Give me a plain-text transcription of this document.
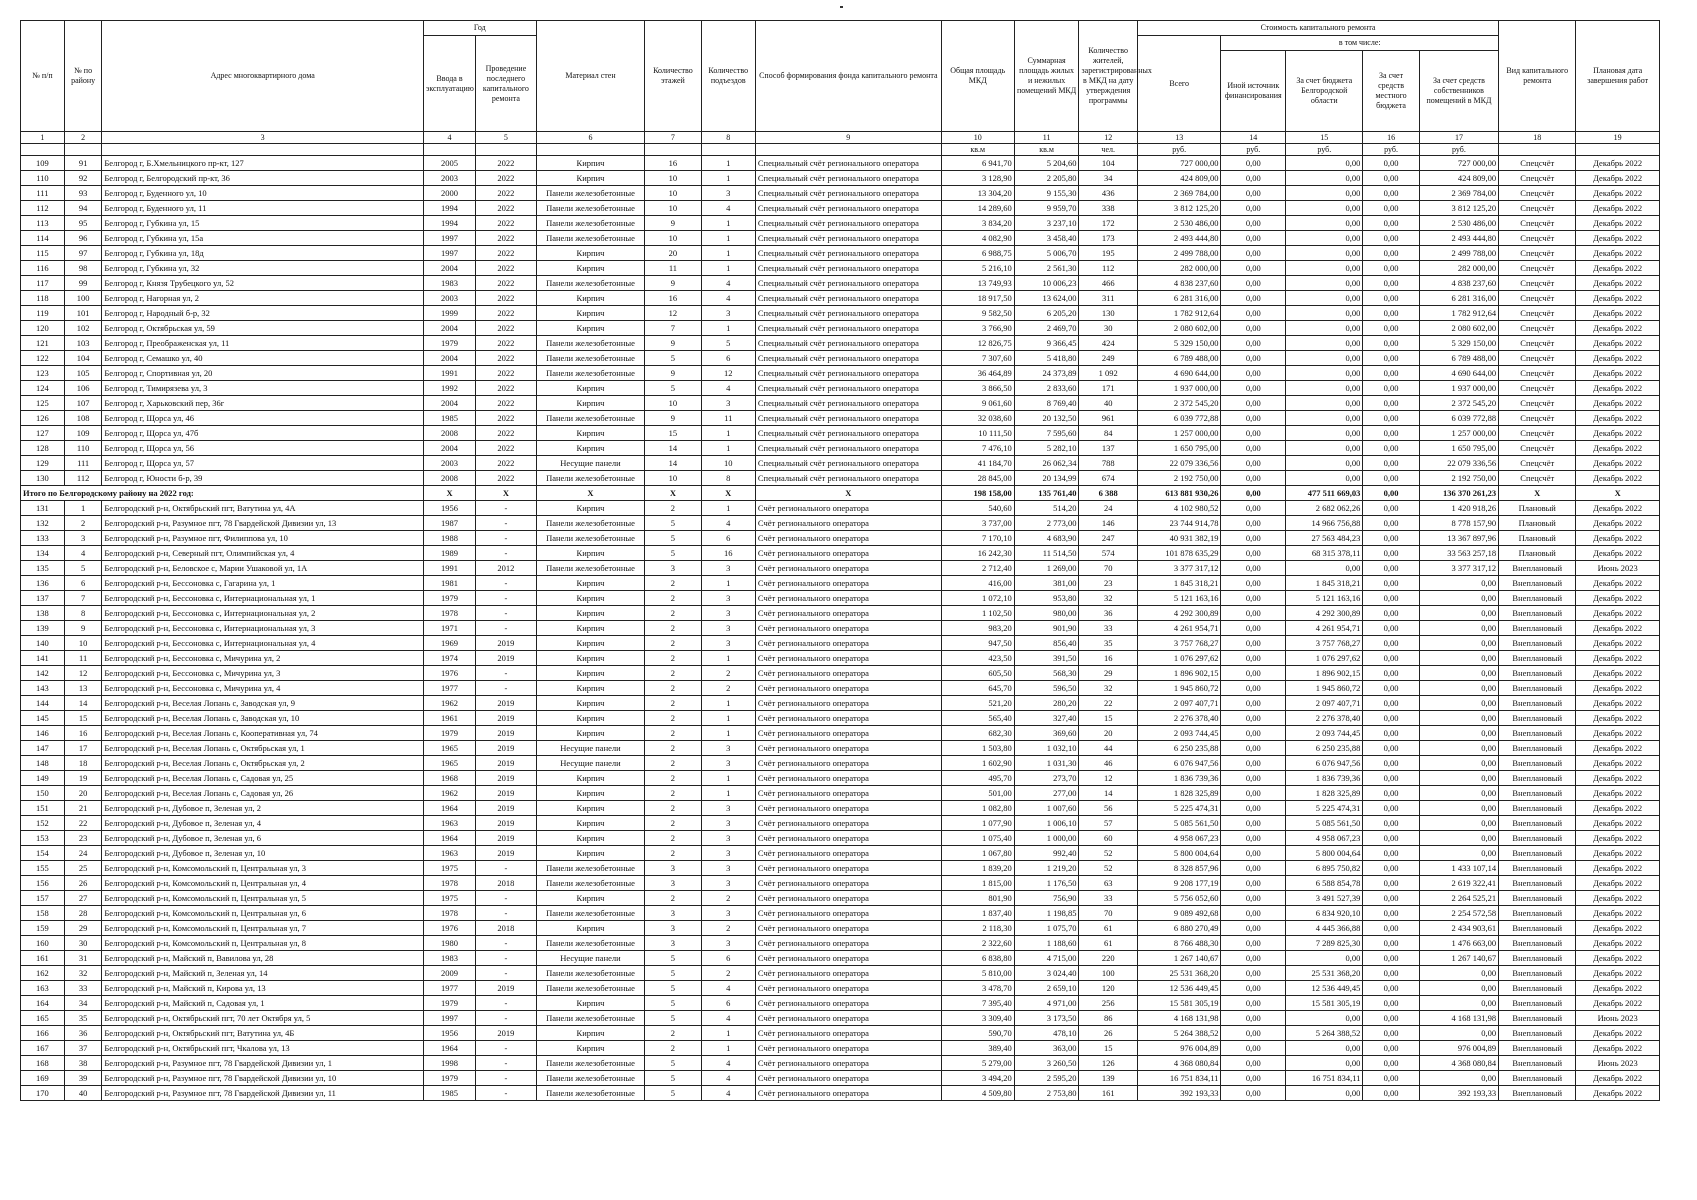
№ п/п	№ по району	Адрес многоквартирного дома	Год		Материал стен	Количество этажей	Количество подъездов	Способ формирования фонда капитального ремонта	Общая площадь МКД	Суммарная площадь жилых и нежилых помещений МКД	Количество жителей, зарегистрированных в МКД на дату утверждения программы	Стоимость капитального ремонта					Вид капитального ремонта	Плановая дата завершения работ
			Ввода в эксплуатацию	Проведение последнего капитального ремонта								Всего	в том числе:					
													Иной источник финансирования	За счет бюджета Белгородской области	За счет средств местного бюджета	За счет средств собственников помещений в МКД		
1	2	3	4	5	6	7	8	9	10	11	12	13	14	15	16	17	18	19
									кв.м	кв.м	чел.	руб.	руб.	руб.	руб.	руб.		
109	91	Белгород г, Б.Хмельницкого пр-кт, 127	2005	2022	Кирпич	16	1	Специальный счёт регионального оператора	6 941,70	5 204,60	104	727 000,00	0,00	0,00	0,00	727 000,00	Спецсчёт	Декабрь 2022
110	92	Белгород г, Белгородский пр-кт, 36	2003	2022	Кирпич	10	1	Специальный счёт регионального оператора	3 128,90	2 205,80	34	424 809,00	0,00	0,00	0,00	424 809,00	Спецсчёт	Декабрь 2022
111	93	Белгород г, Буденного ул, 10	2000	2022	Панели железобетонные	10	3	Специальный счёт регионального оператора	13 304,20	9 155,30	436	2 369 784,00	0,00	0,00	0,00	2 369 784,00	Спецсчёт	Декабрь 2022
112	94	Белгород г, Буденного ул, 11	1994	2022	Панели железобетонные	10	4	Специальный счёт регионального оператора	14 289,60	9 959,70	338	3 812 125,20	0,00	0,00	0,00	3 812 125,20	Спецсчёт	Декабрь 2022
113	95	Белгород г, Губкина ул, 15	1994	2022	Панели железобетонные	9	1	Специальный счёт регионального оператора	3 834,20	3 237,10	172	2 530 486,00	0,00	0,00	0,00	2 530 486,00	Спецсчёт	Декабрь 2022
114	96	Белгород г, Губкина ул, 15а	1997	2022	Панели железобетонные	10	1	Специальный счёт регионального оператора	4 082,90	3 458,40	173	2 493 444,80	0,00	0,00	0,00	2 493 444,80	Спецсчёт	Декабрь 2022
115	97	Белгород г, Губкина ул, 18д	1997	2022	Кирпич	20	1	Специальный счёт регионального оператора	6 988,75	5 006,70	195	2 499 788,00	0,00	0,00	0,00	2 499 788,00	Спецсчёт	Декабрь 2022
116	98	Белгород г, Губкина ул, 32	2004	2022	Кирпич	11	1	Специальный счёт регионального оператора	5 216,10	2 561,30	112	282 000,00	0,00	0,00	0,00	282 000,00	Спецсчёт	Декабрь 2022
117	99	Белгород г, Князя Трубецкого ул, 52	1983	2022	Панели железобетонные	9	4	Специальный счёт регионального оператора	13 749,93	10 006,23	466	4 838 237,60	0,00	0,00	0,00	4 838 237,60	Спецсчёт	Декабрь 2022
118	100	Белгород г, Нагорная ул, 2	2003	2022	Кирпич	16	4	Специальный счёт регионального оператора	18 917,50	13 624,00	311	6 281 316,00	0,00	0,00	0,00	6 281 316,00	Спецсчёт	Декабрь 2022
119	101	Белгород г, Народный б-р, 32	1999	2022	Кирпич	12	3	Специальный счёт регионального оператора	9 582,50	6 205,20	130	1 782 912,64	0,00	0,00	0,00	1 782 912,64	Спецсчёт	Декабрь 2022
120	102	Белгород г, Октябрьская ул, 59	2004	2022	Кирпич	7	1	Специальный счёт регионального оператора	3 766,90	2 469,70	30	2 080 602,00	0,00	0,00	0,00	2 080 602,00	Спецсчёт	Декабрь 2022
121	103	Белгород г, Преображенская ул, 11	1979	2022	Панели железобетонные	9	5	Специальный счёт регионального оператора	12 826,75	9 366,45	424	5 329 150,00	0,00	0,00	0,00	5 329 150,00	Спецсчёт	Декабрь 2022
122	104	Белгород г, Семашко ул, 40	2004	2022	Панели железобетонные	5	6	Специальный счёт регионального оператора	7 307,60	5 418,80	249	6 789 488,00	0,00	0,00	0,00	6 789 488,00	Спецсчёт	Декабрь 2022
123	105	Белгород г, Спортивная ул, 20	1991	2022	Панели железобетонные	9	12	Специальный счёт регионального оператора	36 464,89	24 373,89	1 092	4 690 644,00	0,00	0,00	0,00	4 690 644,00	Спецсчёт	Декабрь 2022
124	106	Белгород г, Тимирязева ул, 3	1992	2022	Кирпич	5	4	Специальный счёт регионального оператора	3 866,50	2 833,60	171	1 937 000,00	0,00	0,00	0,00	1 937 000,00	Спецсчёт	Декабрь 2022
125	107	Белгород г, Харьковский пер, 36г	2004	2022	Кирпич	10	3	Специальный счёт регионального оператора	9 061,60	8 769,40	40	2 372 545,20	0,00	0,00	0,00	2 372 545,20	Спецсчёт	Декабрь 2022
126	108	Белгород г, Щорса ул, 46	1985	2022	Панели железобетонные	9	11	Специальный счёт регионального оператора	32 038,60	20 132,50	961	6 039 772,88	0,00	0,00	0,00	6 039 772,88	Спецсчёт	Декабрь 2022
127	109	Белгород г, Щорса ул, 47б	2008	2022	Кирпич	15	1	Специальный счёт регионального оператора	10 111,50	7 595,60	84	1 257 000,00	0,00	0,00	0,00	1 257 000,00	Спецсчёт	Декабрь 2022
128	110	Белгород г, Щорса ул, 56	2004	2022	Кирпич	14	1	Специальный счёт регионального оператора	7 476,10	5 282,10	137	1 650 795,00	0,00	0,00	0,00	1 650 795,00	Спецсчёт	Декабрь 2022
129	111	Белгород г, Щорса ул, 57	2003	2022	Несущие панели	14	10	Специальный счёт регионального оператора	41 184,70	26 062,34	788	22 079 336,56	0,00	0,00	0,00	22 079 336,56	Спецсчёт	Декабрь 2022
130	112	Белгород г, Юности б-р, 39	2008	2022	Панели железобетонные	10	8	Специальный счёт регионального оператора	28 845,00	20 134,99	674	2 192 750,00	0,00	0,00	0,00	2 192 750,00	Спецсчёт	Декабрь 2022
Итого по Белгородскому району на 2022 год:			X	X	X	X	X	X	198 158,00	135 761,40	6 388	613 881 930,26	0,00	477 511 669,03	0,00	136 370 261,23	X	X
131	1	Белгородский р-н, Октябрьский пгт, Ватутина ул, 4А	1956	-	Кирпич	2	1	Счёт регионального оператора	540,60	514,20	24	4 102 980,52	0,00	2 682 062,26	0,00	1 420 918,26	Плановый	Декабрь 2022
132	2	Белгородский р-н, Разумное пгт, 78 Гвардейской Дивизии ул, 13	1987	-	Панели железобетонные	5	4	Счёт регионального оператора	3 737,00	2 773,00	146	23 744 914,78	0,00	14 966 756,88	0,00	8 778 157,90	Плановый	Декабрь 2022
133	3	Белгородский р-н, Разумное пгт, Филиппова ул, 10	1988	-	Панели железобетонные	5	6	Счёт регионального оператора	7 170,10	4 683,90	247	40 931 382,19	0,00	27 563 484,23	0,00	13 367 897,96	Плановый	Декабрь 2022
134	4	Белгородский р-н, Северный пгт, Олимпийская ул, 4	1989	-	Кирпич	5	16	Счёт регионального оператора	16 242,30	11 514,50	574	101 878 635,29	0,00	68 315 378,11	0,00	33 563 257,18	Плановый	Декабрь 2022
135	5	Белгородский р-н, Беловское с, Марии Ушаковой ул, 1А	1991	2012	Панели железобетонные	3	3	Счёт регионального оператора	2 712,40	1 269,00	70	3 377 317,12	0,00	0,00	0,00	3 377 317,12	Внеплановый	Июнь 2023
136	6	Белгородский р-н, Бессоновка с, Гагарина ул, 1	1981	-	Кирпич	2	1	Счёт регионального оператора	416,00	381,00	23	1 845 318,21	0,00	1 845 318,21	0,00	0,00	Внеплановый	Декабрь 2022
137	7	Белгородский р-н, Бессоновка с, Интернациональная ул, 1	1979	-	Кирпич	2	3	Счёт регионального оператора	1 072,10	953,80	32	5 121 163,16	0,00	5 121 163,16	0,00	0,00	Внеплановый	Декабрь 2022
138	8	Белгородский р-н, Бессоновка с, Интернациональная ул, 2	1978	-	Кирпич	2	3	Счёт регионального оператора	1 102,50	980,00	36	4 292 300,89	0,00	4 292 300,89	0,00	0,00	Внеплановый	Декабрь 2022
139	9	Белгородский р-н, Бессоновка с, Интернациональная ул, 3	1971	-	Кирпич	2	3	Счёт регионального оператора	983,20	901,90	33	4 261 954,71	0,00	4 261 954,71	0,00	0,00	Внеплановый	Декабрь 2022
140	10	Белгородский р-н, Бессоновка с, Интернациональная ул, 4	1969	2019	Кирпич	2	3	Счёт регионального оператора	947,50	856,40	35	3 757 768,27	0,00	3 757 768,27	0,00	0,00	Внеплановый	Декабрь 2022
141	11	Белгородский р-н, Бессоновка с, Мичурина ул, 2	1974	2019	Кирпич	2	1	Счёт регионального оператора	423,50	391,50	16	1 076 297,62	0,00	1 076 297,62	0,00	0,00	Внеплановый	Декабрь 2022
142	12	Белгородский р-н, Бессоновка с, Мичурина ул, 3	1976	-	Кирпич	2	2	Счёт регионального оператора	605,50	568,30	29	1 896 902,15	0,00	1 896 902,15	0,00	0,00	Внеплановый	Декабрь 2022
143	13	Белгородский р-н, Бессоновка с, Мичурина ул, 4	1977	-	Кирпич	2	2	Счёт регионального оператора	645,70	596,50	32	1 945 860,72	0,00	1 945 860,72	0,00	0,00	Внеплановый	Декабрь 2022
144	14	Белгородский р-н, Веселая Лопань с, Заводская ул, 9	1962	2019	Кирпич	2	1	Счёт регионального оператора	521,20	280,20	22	2 097 407,71	0,00	2 097 407,71	0,00	0,00	Внеплановый	Декабрь 2022
145	15	Белгородский р-н, Веселая Лопань с, Заводская ул, 10	1961	2019	Кирпич	2	1	Счёт регионального оператора	565,40	327,40	15	2 276 378,40	0,00	2 276 378,40	0,00	0,00	Внеплановый	Декабрь 2022
146	16	Белгородский р-н, Веселая Лопань с, Кооперативная ул, 74	1979	2019	Кирпич	2	1	Счёт регионального оператора	682,30	369,60	20	2 093 744,45	0,00	2 093 744,45	0,00	0,00	Внеплановый	Декабрь 2022
147	17	Белгородский р-н, Веселая Лопань с, Октябрьская ул, 1	1965	2019	Несущие панели	2	3	Счёт регионального оператора	1 503,80	1 032,10	44	6 250 235,88	0,00	6 250 235,88	0,00	0,00	Внеплановый	Декабрь 2022
148	18	Белгородский р-н, Веселая Лопань с, Октябрьская ул, 2	1965	2019	Несущие панели	2	3	Счёт регионального оператора	1 602,90	1 031,30	46	6 076 947,56	0,00	6 076 947,56	0,00	0,00	Внеплановый	Декабрь 2022
149	19	Белгородский р-н, Веселая Лопань с, Садовая ул, 25	1968	2019	Кирпич	2	1	Счёт регионального оператора	495,70	273,70	12	1 836 739,36	0,00	1 836 739,36	0,00	0,00	Внеплановый	Декабрь 2022
150	20	Белгородский р-н, Веселая Лопань с, Садовая ул, 26	1962	2019	Кирпич	2	1	Счёт регионального оператора	501,00	277,00	14	1 828 325,89	0,00	1 828 325,89	0,00	0,00	Внеплановый	Декабрь 2022
151	21	Белгородский р-н, Дубовое п, Зеленая ул, 2	1964	2019	Кирпич	2	3	Счёт регионального оператора	1 082,80	1 007,60	56	5 225 474,31	0,00	5 225 474,31	0,00	0,00	Внеплановый	Декабрь 2022
152	22	Белгородский р-н, Дубовое п, Зеленая ул, 4	1963	2019	Кирпич	2	3	Счёт регионального оператора	1 077,90	1 006,10	57	5 085 561,50	0,00	5 085 561,50	0,00	0,00	Внеплановый	Декабрь 2022
153	23	Белгородский р-н, Дубовое п, Зеленая ул, 6	1964	2019	Кирпич	2	3	Счёт регионального оператора	1 075,40	1 000,00	60	4 958 067,23	0,00	4 958 067,23	0,00	0,00	Внеплановый	Декабрь 2022
154	24	Белгородский р-н, Дубовое п, Зеленая ул, 10	1963	2019	Кирпич	2	3	Счёт регионального оператора	1 067,80	992,40	52	5 800 004,64	0,00	5 800 004,64	0,00	0,00	Внеплановый	Декабрь 2022
155	25	Белгородский р-н, Комсомольский п, Центральная ул, 3	1975	-	Панели железобетонные	3	3	Счёт регионального оператора	1 839,20	1 219,20	52	8 328 857,96	0,00	6 895 750,82	0,00	1 433 107,14	Внеплановый	Декабрь 2022
156	26	Белгородский р-н, Комсомольский п, Центральная ул, 4	1978	2018	Панели железобетонные	3	3	Счёт регионального оператора	1 815,00	1 176,50	63	9 208 177,19	0,00	6 588 854,78	0,00	2 619 322,41	Внеплановый	Декабрь 2022
157	27	Белгородский р-н, Комсомольский п, Центральная ул, 5	1975	-	Кирпич	2	2	Счёт регионального оператора	801,90	756,90	33	5 756 052,60	0,00	3 491 527,39	0,00	2 264 525,21	Внеплановый	Декабрь 2022
158	28	Белгородский р-н, Комсомольский п, Центральная ул, 6	1978	-	Панели железобетонные	3	3	Счёт регионального оператора	1 837,40	1 198,85	70	9 089 492,68	0,00	6 834 920,10	0,00	2 254 572,58	Внеплановый	Декабрь 2022
159	29	Белгородский р-н, Комсомольский п, Центральная ул, 7	1976	2018	Кирпич	3	2	Счёт регионального оператора	2 118,30	1 075,70	61	6 880 270,49	0,00	4 445 366,88	0,00	2 434 903,61	Внеплановый	Декабрь 2022
160	30	Белгородский р-н, Комсомольский п, Центральная ул, 8	1980	-	Панели железобетонные	3	3	Счёт регионального оператора	2 322,60	1 188,60	61	8 766 488,30	0,00	7 289 825,30	0,00	1 476 663,00	Внеплановый	Декабрь 2022
161	31	Белгородский р-н, Майский п, Вавилова ул, 28	1983	-	Несущие панели	5	6	Счёт регионального оператора	6 838,80	4 715,00	220	1 267 140,67	0,00	0,00	0,00	1 267 140,67	Внеплановый	Декабрь 2022
162	32	Белгородский р-н, Майский п, Зеленая ул, 14	2009	-	Панели железобетонные	5	2	Счёт регионального оператора	5 810,00	3 024,40	100	25 531 368,20	0,00	25 531 368,20	0,00	0,00	Внеплановый	Декабрь 2022
163	33	Белгородский р-н, Майский п, Кирова ул, 13	1977	2019	Панели железобетонные	5	4	Счёт регионального оператора	3 478,70	2 659,10	120	12 536 449,45	0,00	12 536 449,45	0,00	0,00	Внеплановый	Декабрь 2022
164	34	Белгородский р-н, Майский п, Садовая ул, 1	1979	-	Кирпич	5	6	Счёт регионального оператора	7 395,40	4 971,00	256	15 581 305,19	0,00	15 581 305,19	0,00	0,00	Внеплановый	Декабрь 2022
165	35	Белгородский р-н, Октябрьский пгт, 70 лет Октября ул, 5	1997	-	Панели железобетонные	5	4	Счёт регионального оператора	3 309,40	3 173,50	86	4 168 131,98	0,00	0,00	0,00	4 168 131,98	Внеплановый	Июнь 2023
166	36	Белгородский р-н, Октябрьский пгт, Ватутина ул, 4Б	1956	2019	Кирпич	2	1	Счёт регионального оператора	590,70	478,10	26	5 264 388,52	0,00	5 264 388,52	0,00	0,00	Внеплановый	Декабрь 2022
167	37	Белгородский р-н, Октябрьский пгт, Чкалова ул, 13	1964	-	Кирпич	2	1	Счёт регионального оператора	389,40	363,00	15	976 004,89	0,00	0,00	0,00	976 004,89	Внеплановый	Декабрь 2022
168	38	Белгородский р-н, Разумное пгт, 78 Гвардейской Дивизии ул, 1	1998	-	Панели железобетонные	5	4	Счёт регионального оператора	5 279,00	3 260,50	126	4 368 080,84	0,00	0,00	0,00	4 368 080,84	Внеплановый	Июнь 2023
169	39	Белгородский р-н, Разумное пгт, 78 Гвардейской Дивизии ул, 10	1979	-	Панели железобетонные	5	4	Счёт регионального оператора	3 494,20	2 595,20	139	16 751 834,11	0,00	16 751 834,11	0,00	0,00	Внеплановый	Декабрь 2022
170	40	Белгородский р-н, Разумное пгт, 78 Гвардейской Дивизии ул, 11	1985	-	Панели железобетонные	5	4	Счёт регионального оператора	4 509,80	2 753,80	161	392 193,33	0,00	0,00	0,00	392 193,33	Внеплановый	Декабрь 2022
